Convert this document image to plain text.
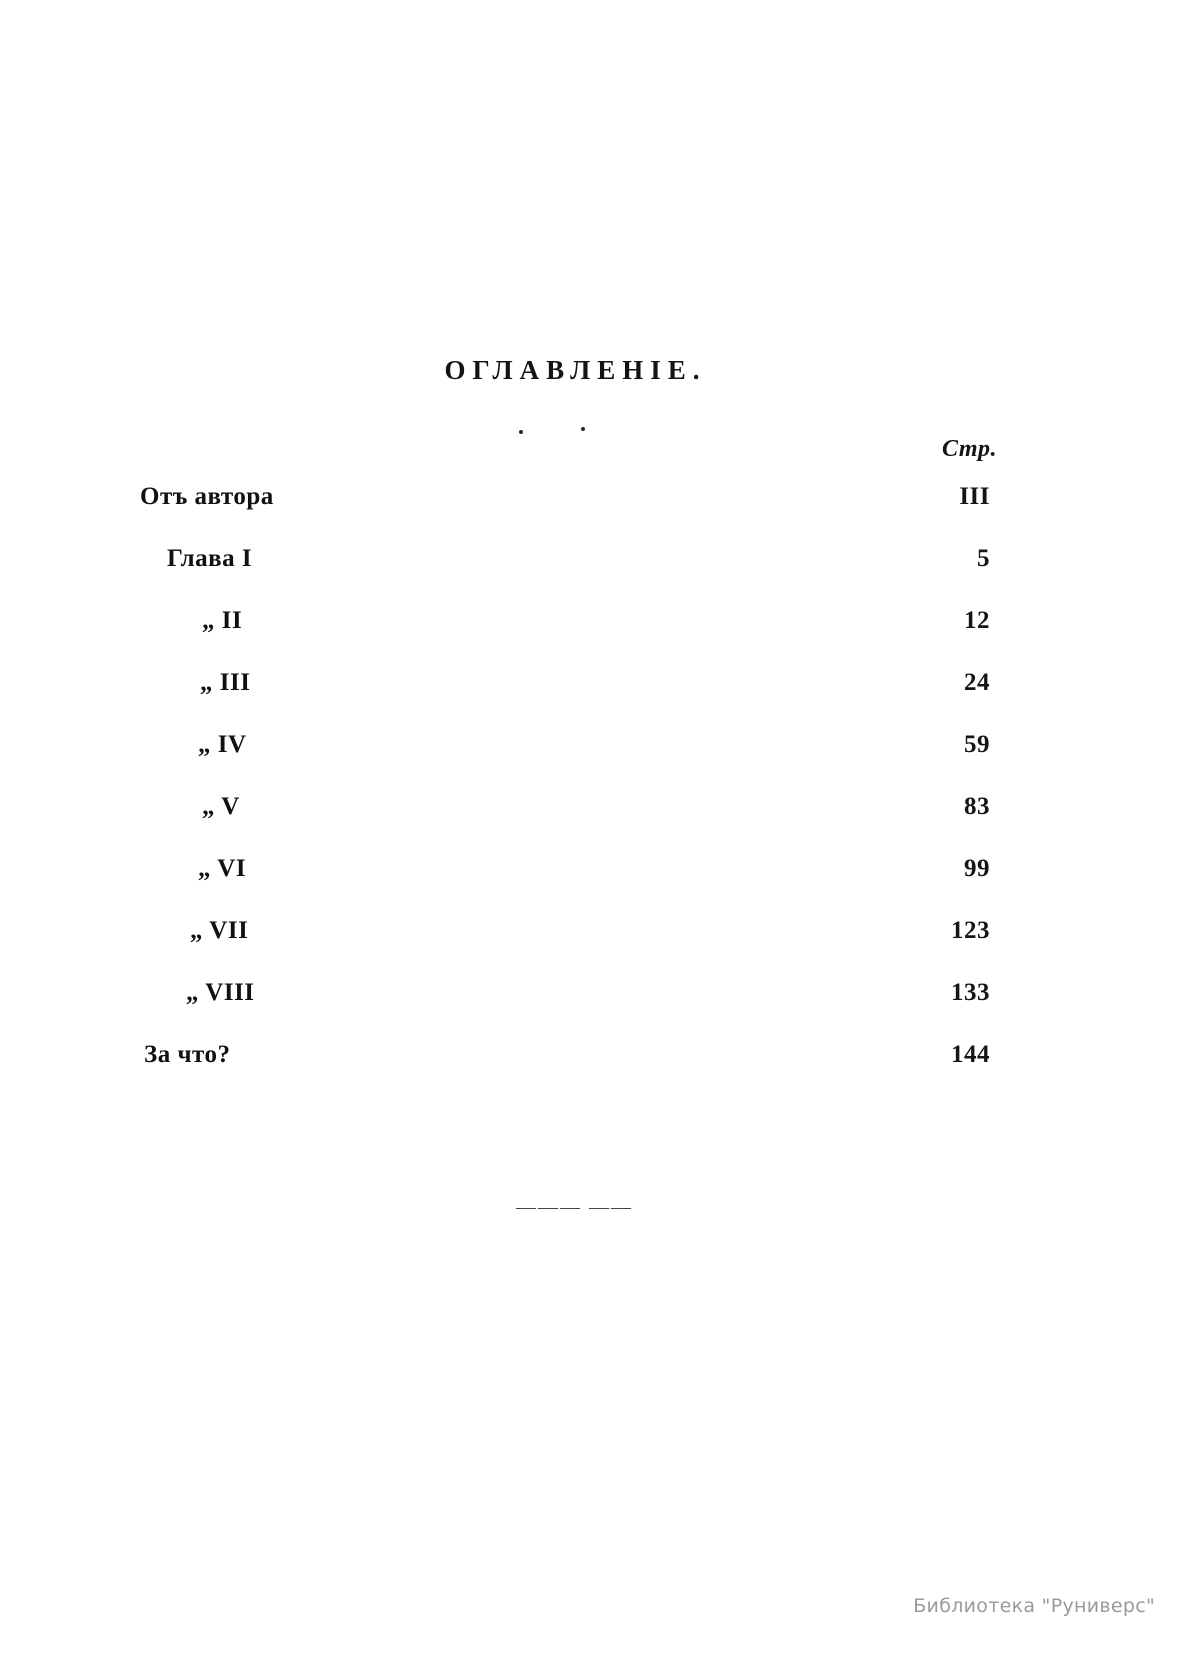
ОГЛАВЛЕНІЕ.
Стр.
Отъ автора	III
Глава I	5
„ II	12
„ III	24
„ IV	59
„ V	83
„ VI	99
„ VII	123
„ VIII	133
За что?	144
——— ——
Библиотека "Руниверс"
